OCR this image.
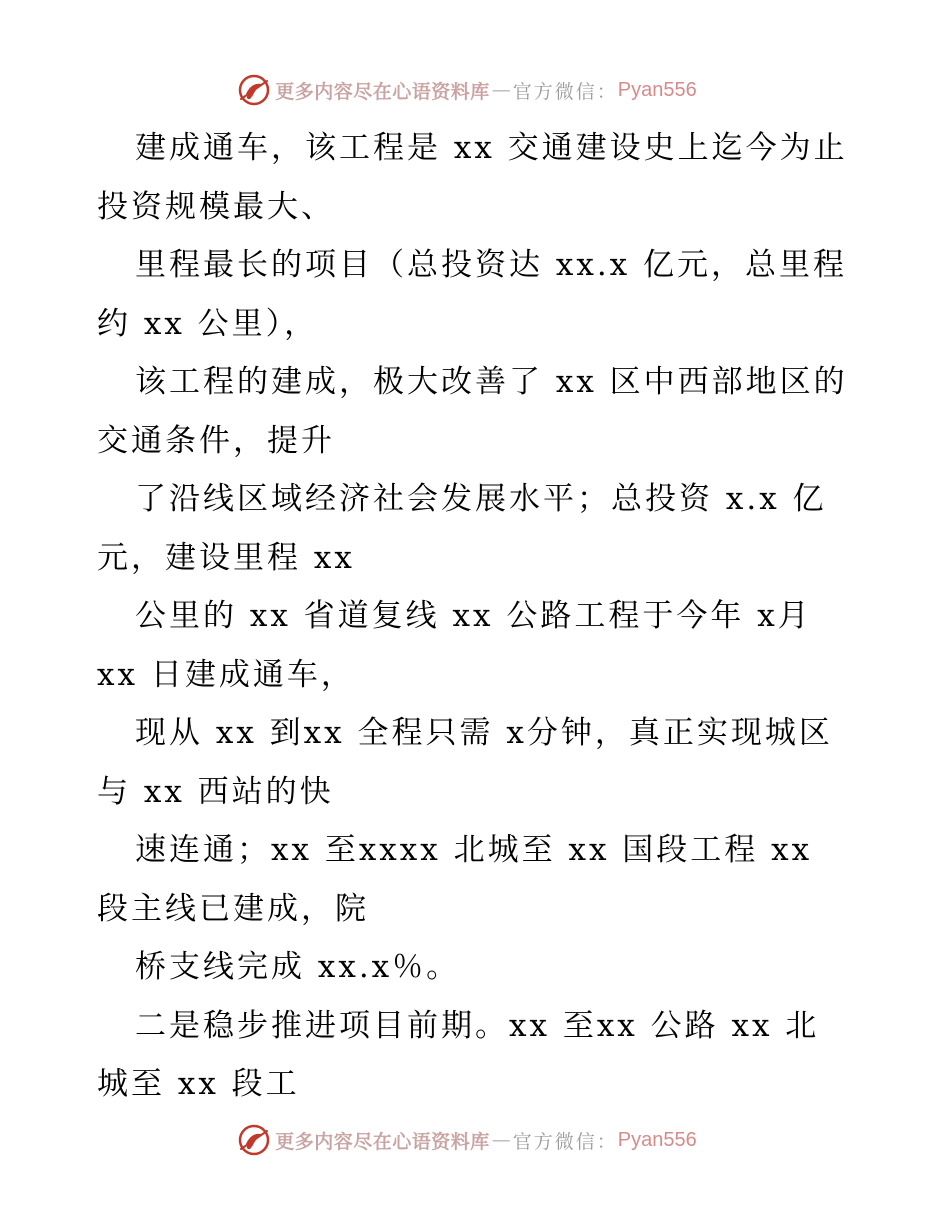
更多内容尽在心语资料库 — 官方微信： Pyan556
建成通车，该工程是 xx 交通建设史上迄今为止
投资规模最大、
里程最长的项目（总投资达 xx.x 亿元，总里程
约 xx 公里），
该工程的建成，极大改善了 xx 区中西部地区的
交通条件，提升
了沿线区域经济社会发展水平；总投资 x.x 亿
元，建设里程 xx
公里的 xx 省道复线 xx 公路工程于今年 x月
xx 日建成通车，
现从 xx 到xx 全程只需 x分钟，真正实现城区
与 xx 西站的快
速连通；xx 至xxxx 北城至 xx 国段工程 xx
段主线已建成，院
桥支线完成 xx.x％。
二是稳步推进项目前期。xx 至xx 公路 xx 北
城至 xx 段工
更多内容尽在心语资料库 — 官方微信： Pyan556
